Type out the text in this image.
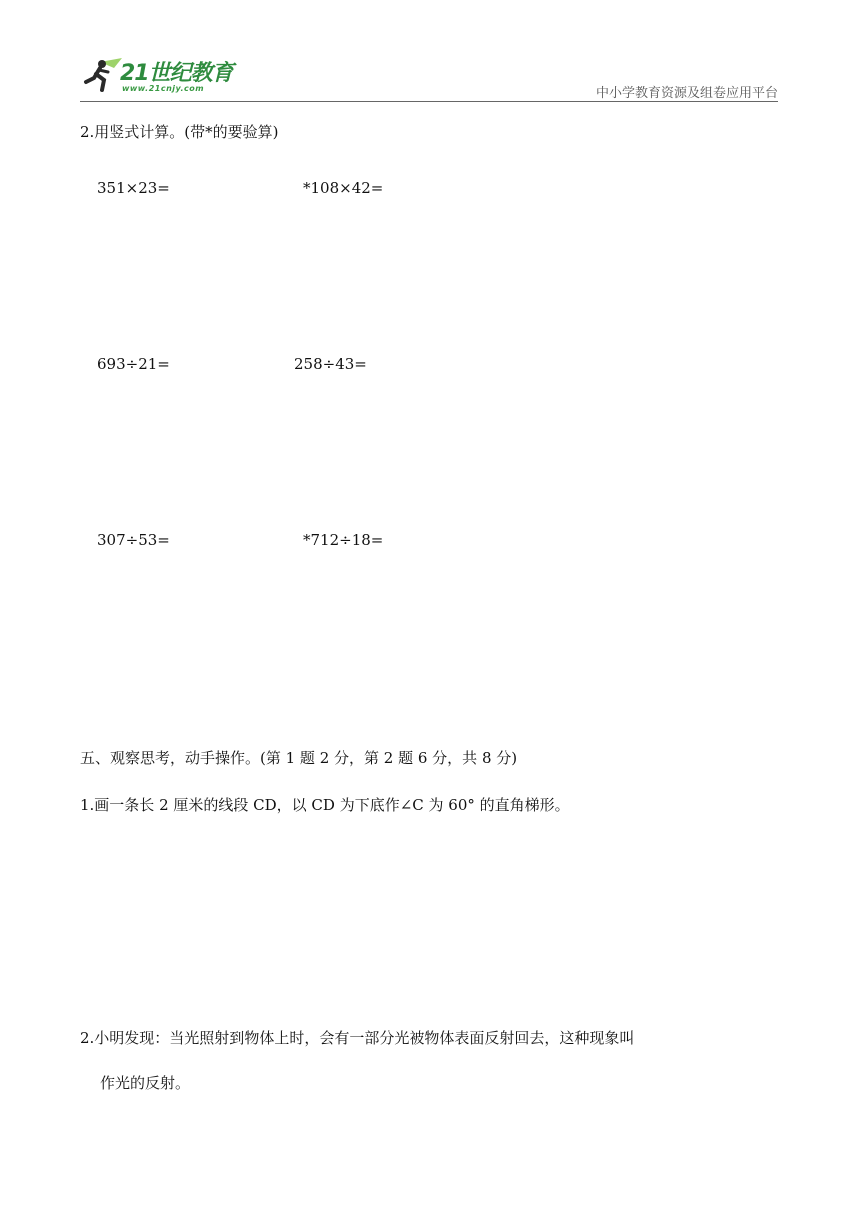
21世纪教育
www.21cnjy.com	中小学教育资源及组卷应用平台
2.用竖式计算。(带*的要验算)
351×23=	*108×42=
693÷21=	258÷43=
307÷53=	*712÷18=
五、观察思考，动手操作。(第 1 题 2 分，第 2 题 6 分，共 8 分)
1.画一条长 2 厘米的线段 CD，以 CD 为下底作∠C 为 60° 的直角梯形。
2.小明发现：当光照射到物体上时，会有一部分光被物体表面反射回去，这种现象叫
作光的反射。
